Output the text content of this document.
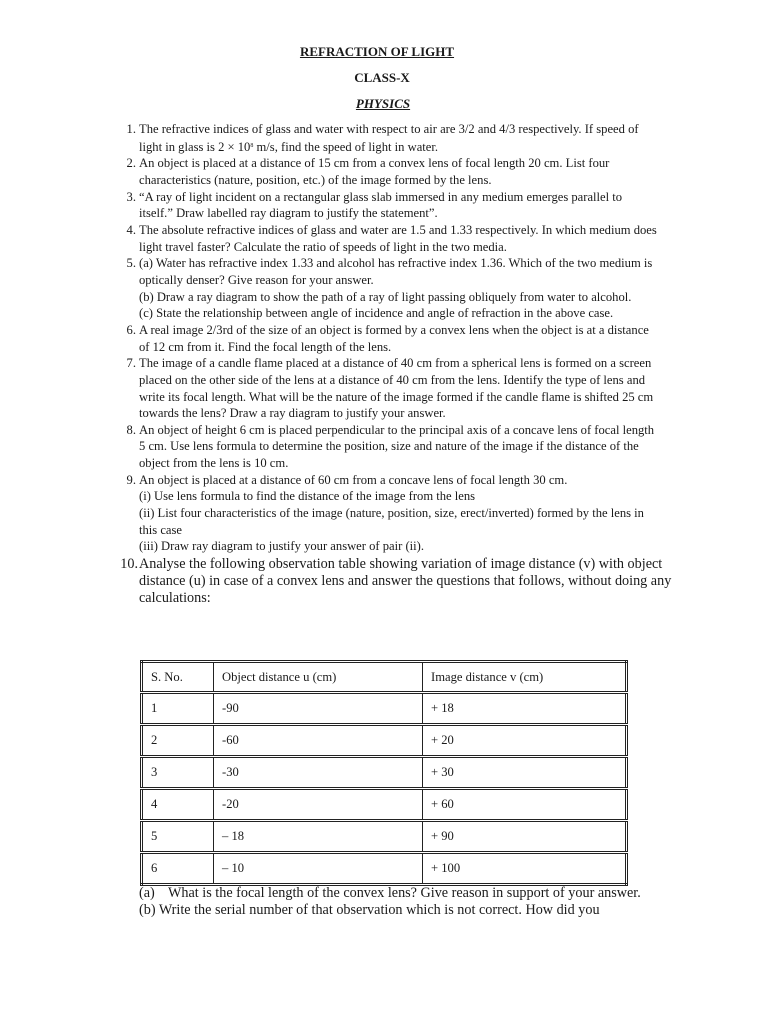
REFRACTION OF LIGHT
CLASS-X
PHYSICS
1. The refractive indices of glass and water with respect to air are 3/2 and 4/3 respectively. If speed of light in glass is $2 \times 10^8$ m/s, find the speed of light in water.

2. An object is placed at a distance of 15 cm from a convex lens of focal length 20 cm. List four characteristics (nature, position, etc.) of the image formed by the lens.

3. “A ray of light incident on a rectangular glass slab immersed in any medium emerges parallel to itself.” Draw labelled ray diagram to justify the statement”.

4. The absolute refractive indices of glass and water are 1.5 and 1.33 respectively. In which medium does light travel faster? Calculate the ratio of speeds of light in the two media.

5. (a) Water has refractive index 1.33 and alcohol has refractive index 1.36. Which of the two medium is optically denser? Give reason for your answer.

(b) Draw a ray diagram to show the path of a ray of light passing obliquely from water to alcohol.

(c) State the relationship between angle of incidence and angle of refraction in the above case.

6. A real image 2/3rd of the size of an object is formed by a convex lens when the object is at a distance of 12 cm from it. Find the focal length of the lens.

7. The image of a candle flame placed at a distance of 40 cm from a spherical lens is formed on a screen placed on the other side of the lens at a distance of 40 cm from the lens. Identify the type of lens and write its focal length. What will be the nature of the image formed if the candle flame is shifted 25 cm towards the lens? Draw a ray diagram to justify your answer.

8. An object of height 6 cm is placed perpendicular to the principal axis of a concave lens of focal length 5 cm. Use lens formula to determine the position, size and nature of the image if the distance of the object from the lens is 10 cm.

9. An object is placed at a distance of 60 cm from a concave lens of focal length 30 cm.

(i) Use lens formula to find the distance of the image from the lens

(ii) List four characteristics of the image (nature, position, size, erect/inverted) formed by the lens in this case

(iii) Draw ray diagram to justify your answer of pair (ii).

10. Analyse the following observation table showing variation of image distance (v) with object distance (u) in case of a convex lens and answer the questions that follows, without doing any calculations:

S. No.	Object distance u (cm)	Image distance v (cm)
1	-90	+ 18
2	-60	+ 20
3	-30	+ 30
4	-20	+ 60
5	– 18	+ 90
6	– 10	+ 100

(a) What is the focal length of the convex lens? Give reason in support of your answer.

(b) Write the serial number of that observation which is not correct. How did you
